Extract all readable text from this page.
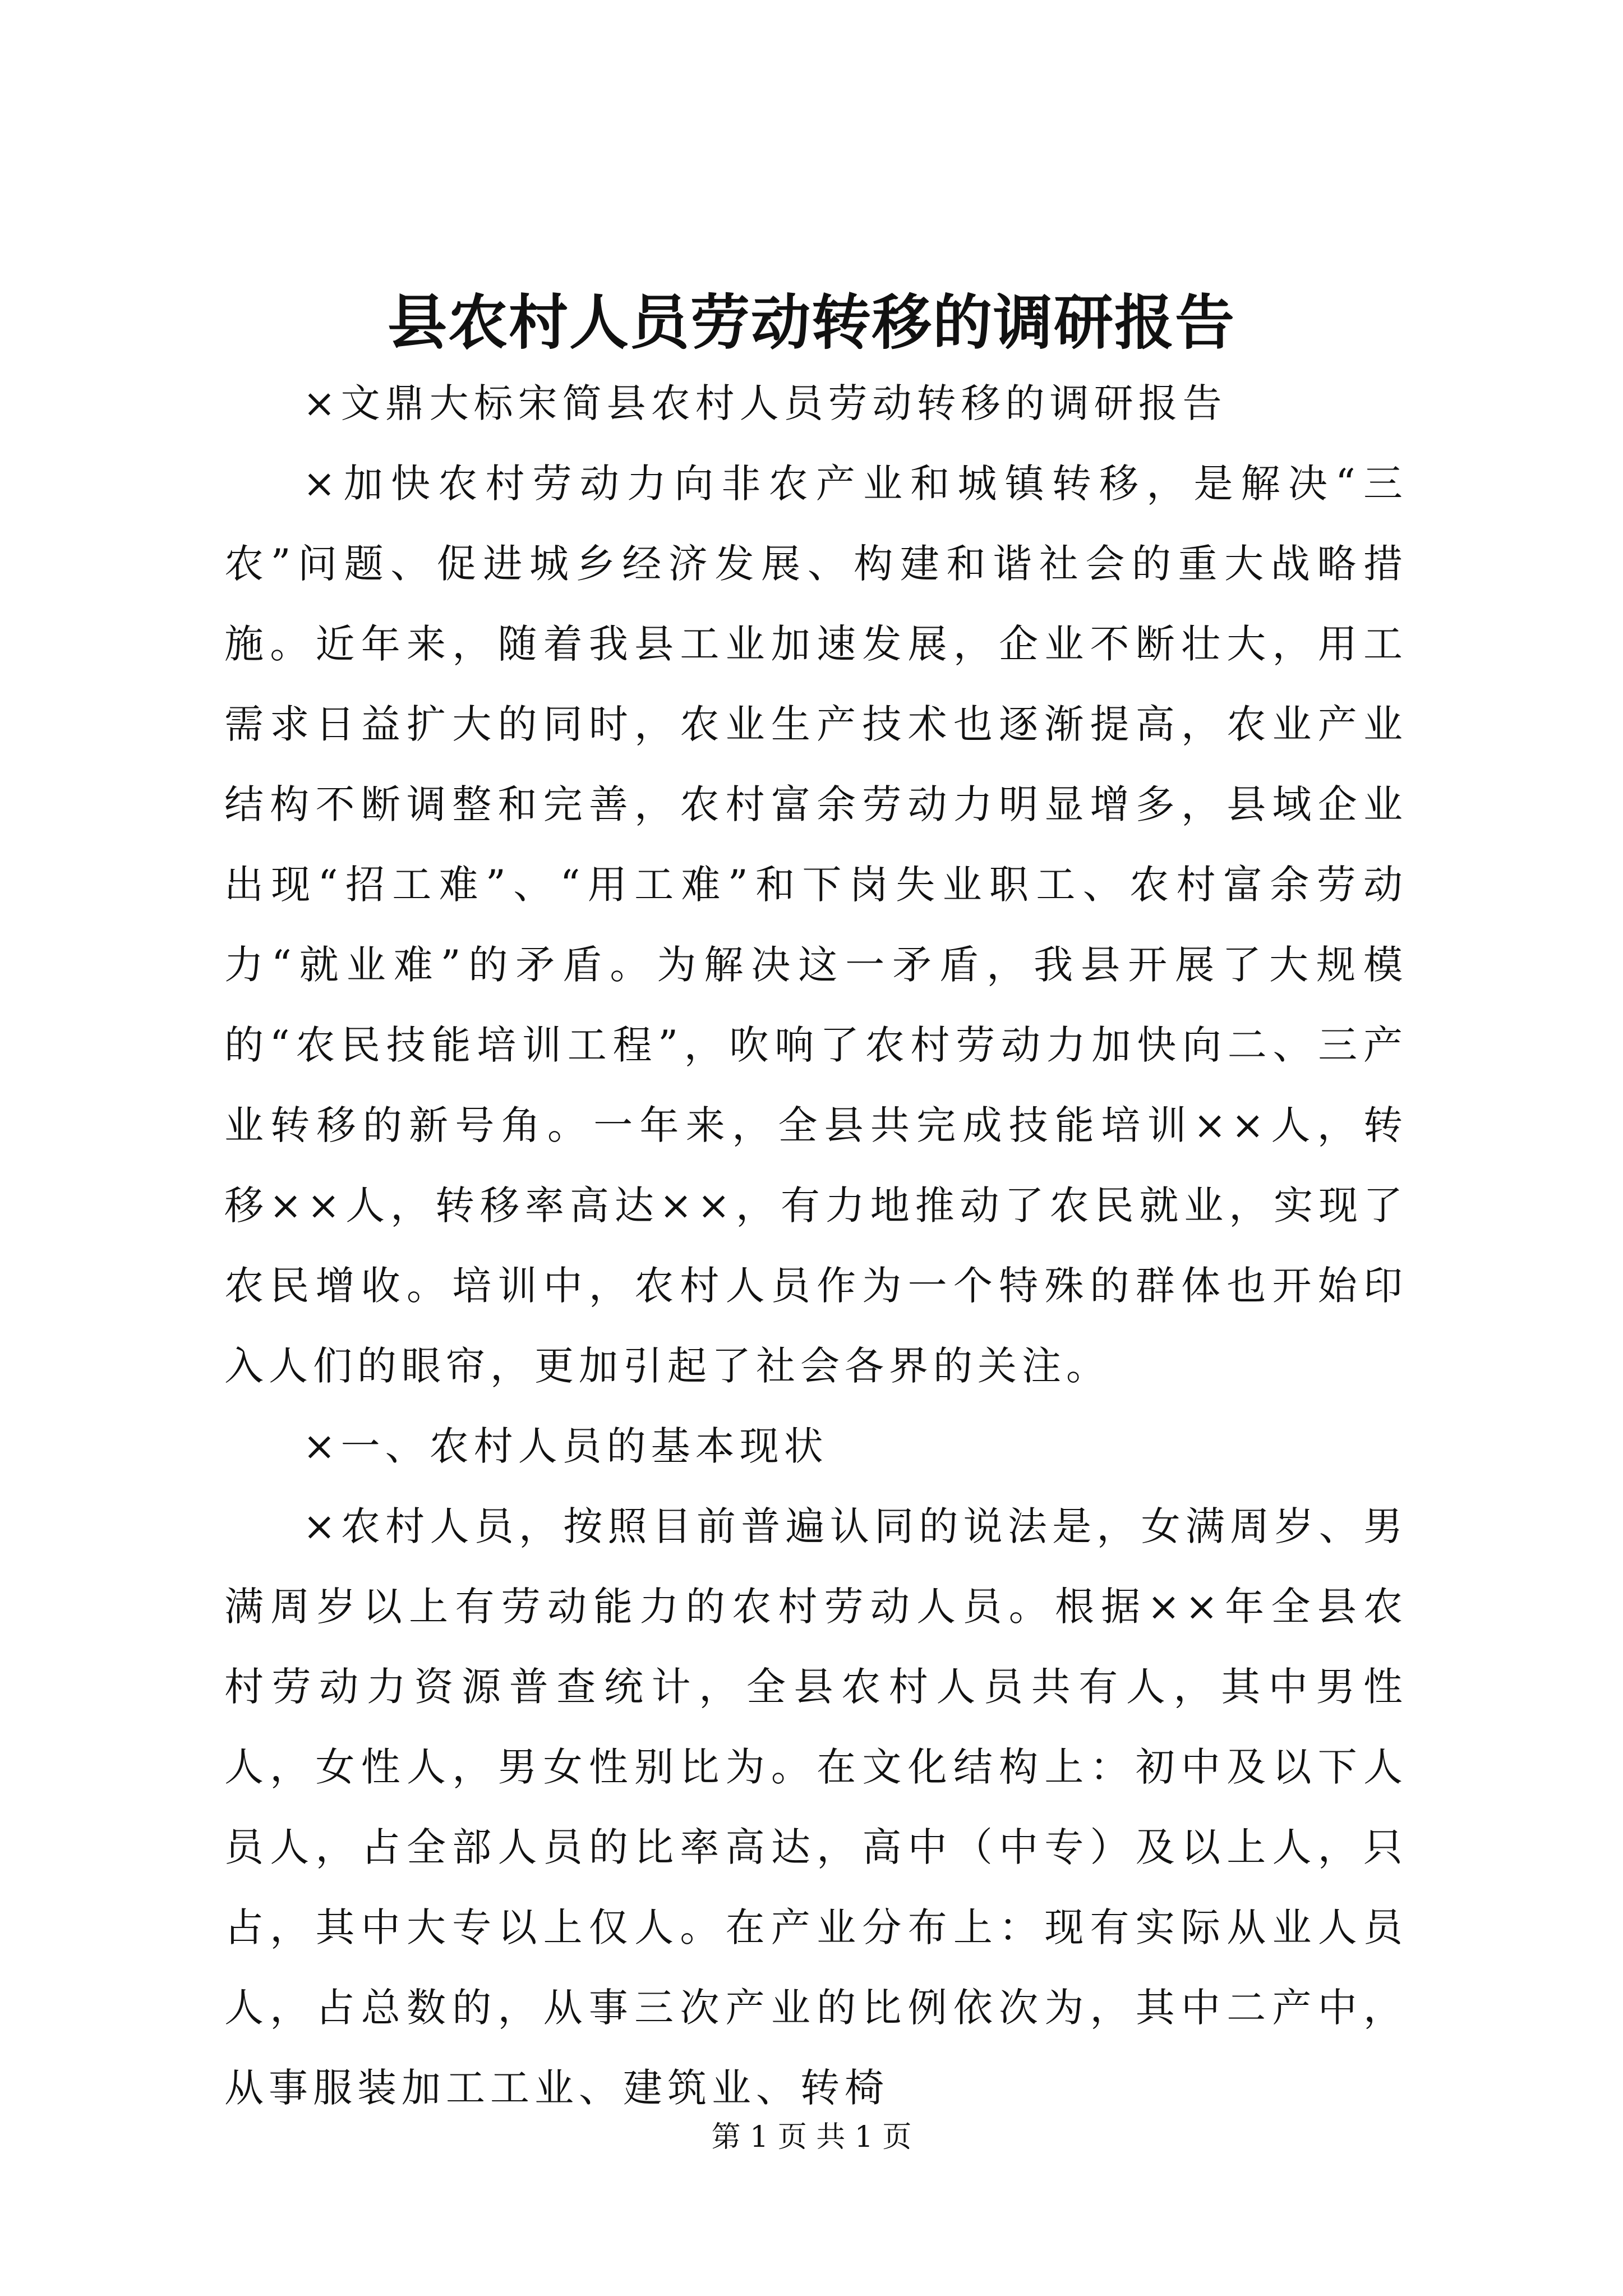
县农村人员劳动转移的调研报告

×文鼎大标宋简县农村人员劳动转移的调研报告

×加快农村劳动力向非农产业和城镇转移，是解决“三农”问题、促进城乡经济发展、构建和谐社会的重大战略措施。近年来，随着我县工业加速发展，企业不断壮大，用工需求日益扩大的同时，农业生产技术也逐渐提高，农业产业结构不断调整和完善，农村富余劳动力明显增多，县域企业出现“招工难”、“用工难”和下岗失业职工、农村富余劳动力“就业难”的矛盾。为解决这一矛盾，我县开展了大规模的“农民技能培训工程”，吹响了农村劳动力加快向二、三产业转移的新号角。一年来，全县共完成技能培训××人，转移××人，转移率高达××，有力地推动了农民就业，实现了农民增收。培训中，农村人员作为一个特殊的群体也开始印入人们的眼帘，更加引起了社会各界的关注。

×一、农村人员的基本现状

×农村人员，按照目前普遍认同的说法是，女满周岁、男满周岁以上有劳动能力的农村劳动人员。根据××年全县农村劳动力资源普查统计，全县农村人员共有人，其中男性人，女性人，男女性别比为。在文化结构上：初中及以下人员人，占全部人员的比率高达，高中（中专）及以上人，只占，其中大专以上仅人。在产业分布上：现有实际从业人员人，占总数的，从事三次产业的比例依次为，其中二产中，从事服装加工工业、建筑业、转椅

第 1 页 共 1 页
